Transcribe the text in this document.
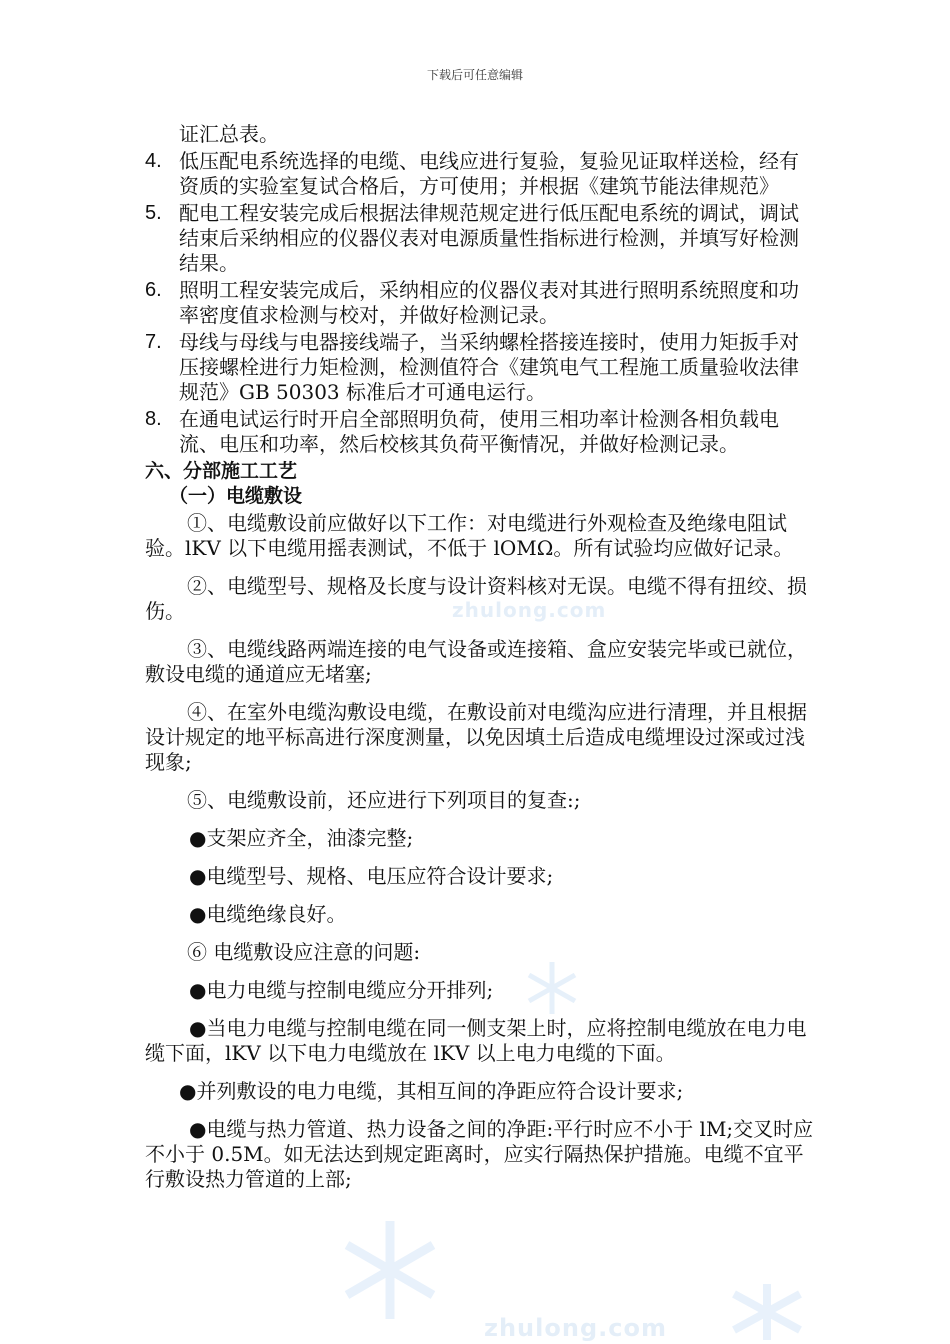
zhulong.com
zhulong.com
下载后可任意编辑
证汇总表。
4. 低压配电系统选择的电缆、电线应进行复验，复验见证取样送检，经有资质的实验室复试合格后，方可使用；并根据《建筑节能法律规范》
5. 配电工程安装完成后根据法律规范规定进行低压配电系统的调试，调试结束后采纳相应的仪器仪表对电源质量性指标进行检测，并填写好检测结果。
6. 照明工程安装完成后，采纳相应的仪器仪表对其进行照明系统照度和功率密度值求检测与校对，并做好检测记录。
7. 母线与母线与电器接线端子，当采纳螺栓搭接连接时，使用力矩扳手对压接螺栓进行力矩检测，检测值符合《建筑电气工程施工质量验收法律规范》GB 50303 标准后才可通电运行。
8. 在通电试运行时开启全部照明负荷，使用三相功率计检测各相负载电流、电压和功率，然后校核其负荷平衡情况，并做好检测记录。
六、分部施工工艺
（一）电缆敷设

①、电缆敷设前应做好以下工作：对电缆进行外观检查及绝缘电阻试验。lKV 以下电缆用摇表测试，不低于 lOMΩ。所有试验均应做好记录。

②、电缆型号、规格及长度与设计资料核对无误。电缆不得有扭绞、损伤。

③、电缆线路两端连接的电气设备或连接箱、盒应安装完毕或已就位， 敷设电缆的通道应无堵塞;

④、在室外电缆沟敷设电缆，在敷设前对电缆沟应进行清理，并且根据设计规定的地平标高进行深度测量，以免因填土后造成电缆埋设过深或过浅现象;

⑤、电缆敷设前，还应进行下列项目的复查:;

●支架应齐全，油漆完整;

●电缆型号、规格、电压应符合设计要求;

●电缆绝缘良好。

⑥ 电缆敷设应注意的问题:

●电力电缆与控制电缆应分开排列;

●当电力电缆与控制电缆在同一侧支架上时，应将控制电缆放在电力电缆下面，lKV 以下电力电缆放在 lKV 以上电力电缆的下面。

●并列敷设的电力电缆，其相互间的净距应符合设计要求;

●电缆与热力管道、热力设备之间的净距:平行时应不小于 lM;交叉时应不小于 0.5M。如无法达到规定距离时，应实行隔热保护措施。电缆不宜平行敷设热力管道的上部;
